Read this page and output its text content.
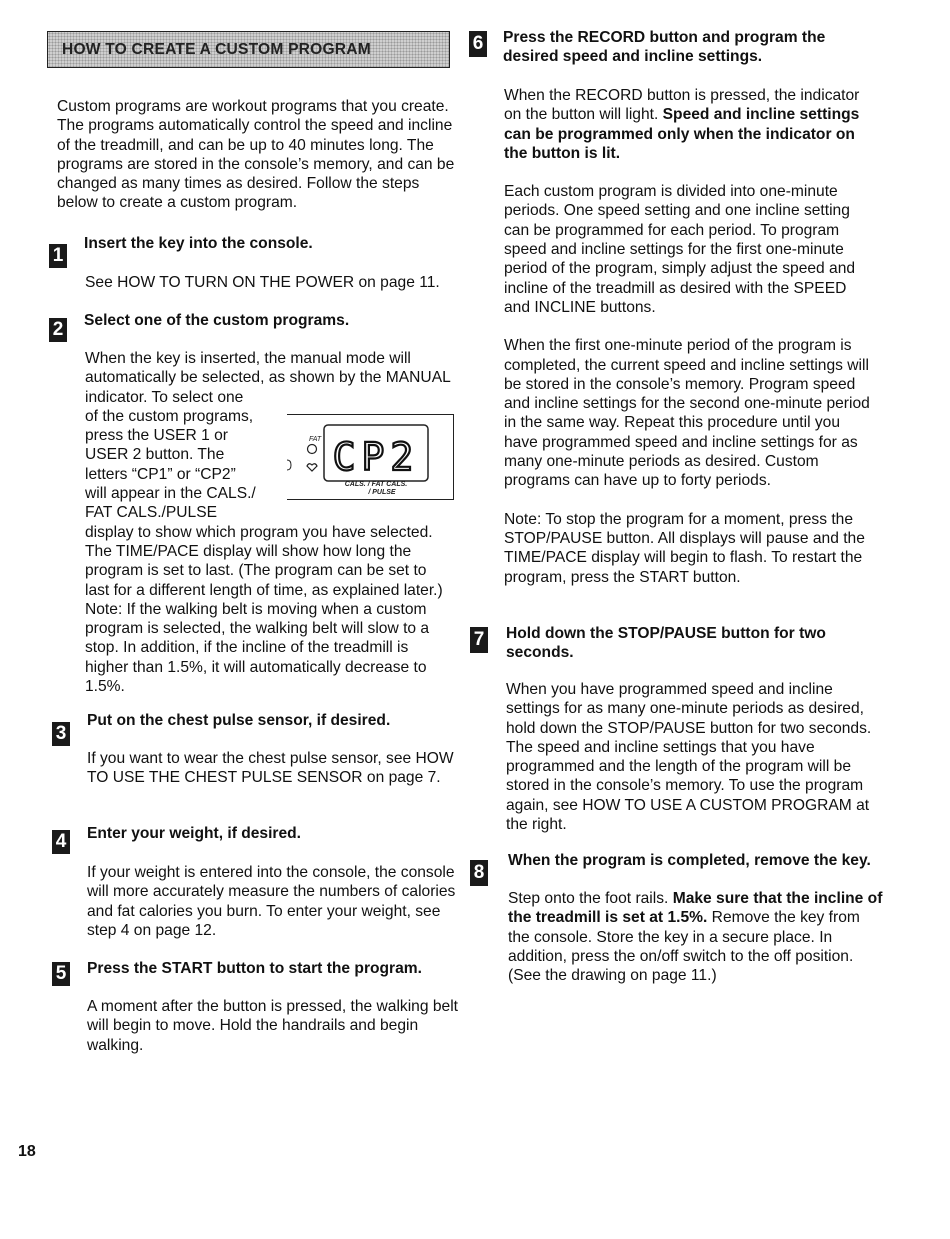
HOW TO CREATE A CUSTOM PROGRAM

Custom programs are workout programs that you create. The programs automatically control the speed and incline of the treadmill, and can be up to 40 minutes long. The programs are stored in the console’s memory, and can be changed as many times as desired. Follow the steps below to create a custom program.

1
Insert the key into the console.

See HOW TO TURN ON THE POWER on page 11.

2 Select one of the custom programs.

When the key is inserted, the manual mode will

automatically be selected, as shown by the MANUAL

indicator. To select one

of the custom programs,

press the USER 1 or

USER 2 button. The

letters “CP1” or “CP2”

will appear in the CALS./

FAT CALS./PULSE

display to show which program you have selected. The TIME/PACE display will show how long the program is set to last. (The program can be set to last for a different length of time, as explained later.) Note: If the walking belt is moving when a custom program is selected, the walking belt will slow to a stop. In addition, if the incline of the treadmill is higher than 1.5%, it will automatically decrease to 1.5%.

FAT CP2
CALS. / FAT CALS.
/ PULSE
3
Put on the chest pulse sensor, if desired.

If you want to wear the chest pulse sensor, see HOW TO USE THE CHEST PULSE SENSOR on page 7.

4 Enter your weight, if desired.

If your weight is entered into the console, the console will more accurately measure the numbers of calories and fat calories you burn. To enter your weight, see step 4 on page 12.

5 Press the START button to start the program.

A moment after the button is pressed, the walking belt will begin to move. Hold the handrails and begin walking.

6 Press the RECORD button and program the desired speed and incline settings.

When the RECORD button is pressed, the indicator on the button will light. Speed and incline settings can be programmed only when the indicator on the button is lit.

Each custom program is divided into one-minute periods. One speed setting and one incline setting can be programmed for each period. To program speed and incline settings for the first one-minute period of the program, simply adjust the speed and incline of the treadmill as desired with the SPEED and INCLINE buttons.

When the first one-minute period of the program is completed, the current speed and incline settings will be stored in the console’s memory. Program speed and incline settings for the second one-minute period in the same way. Repeat this procedure until you have programmed speed and incline settings for as many one-minute periods as desired. Custom programs can have up to forty periods.

Note: To stop the program for a moment, press the STOP/PAUSE button. All displays will pause and the TIME/PACE display will begin to flash. To restart the program, press the START button.

7 Hold down the STOP/PAUSE button for two seconds.

When you have programmed speed and incline settings for as many one-minute periods as desired, hold down the STOP/PAUSE button for two seconds. The speed and incline settings that you have programmed and the length of the program will be stored in the console’s memory. To use the program again, see HOW TO USE A CUSTOM PROGRAM at the right.

8
When the program is completed, remove the key.

Step onto the foot rails. Make sure that the incline of the treadmill is set at 1.5%. Remove the key from the console. Store the key in a secure place. In addition, press the on/off switch to the off position. (See the drawing on page 11.)

18
